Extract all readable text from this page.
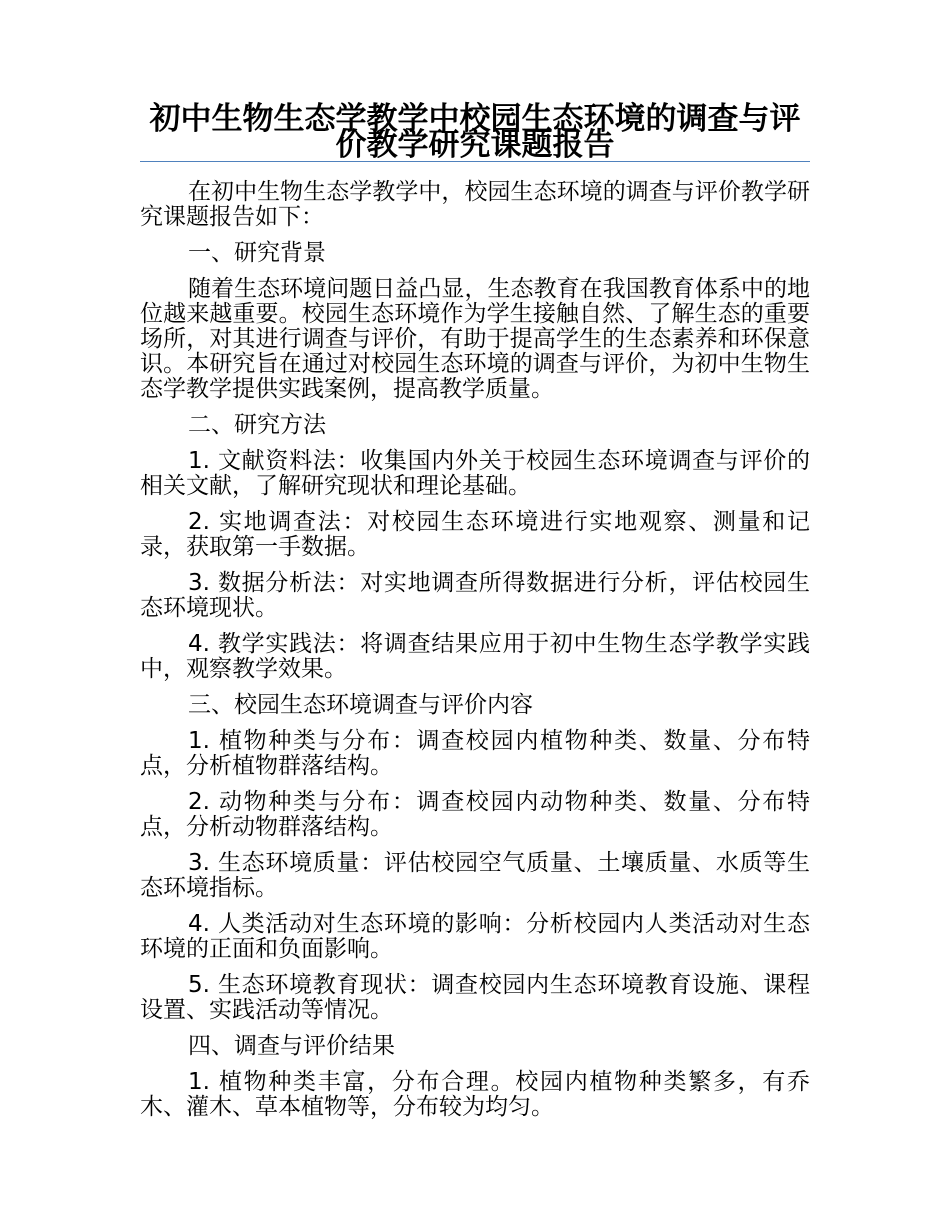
初中生物生态学教学中校园生态环境的调查与评价教学研究课题报告

在初中生物生态学教学中，校园生态环境的调查与评价教学研究课题报告如下：

一、研究背景

随着生态环境问题日益凸显，生态教育在我国教育体系中的地位越来越重要。校园生态环境作为学生接触自然、了解生态的重要场所，对其进行调查与评价，有助于提高学生的生态素养和环保意识。本研究旨在通过对校园生态环境的调查与评价，为初中生物生态学教学提供实践案例，提高教学质量。

二、研究方法

1. 文献资料法：收集国内外关于校园生态环境调查与评价的相关文献，了解研究现状和理论基础。

2. 实地调查法：对校园生态环境进行实地观察、测量和记录，获取第一手数据。

3. 数据分析法：对实地调查所得数据进行分析，评估校园生态环境现状。

4. 教学实践法：将调查结果应用于初中生物生态学教学实践中，观察教学效果。

三、校园生态环境调查与评价内容

1. 植物种类与分布：调查校园内植物种类、数量、分布特点，分析植物群落结构。

2. 动物种类与分布：调查校园内动物种类、数量、分布特点，分析动物群落结构。

3. 生态环境质量：评估校园空气质量、土壤质量、水质等生态环境指标。

4. 人类活动对生态环境的影响：分析校园内人类活动对生态环境的正面和负面影响。

5. 生态环境教育现状：调查校园内生态环境教育设施、课程设置、实践活动等情况。

四、调查与评价结果

1. 植物种类丰富，分布合理。校园内植物种类繁多，有乔木、灌木、草本植物等，分布较为均匀。
